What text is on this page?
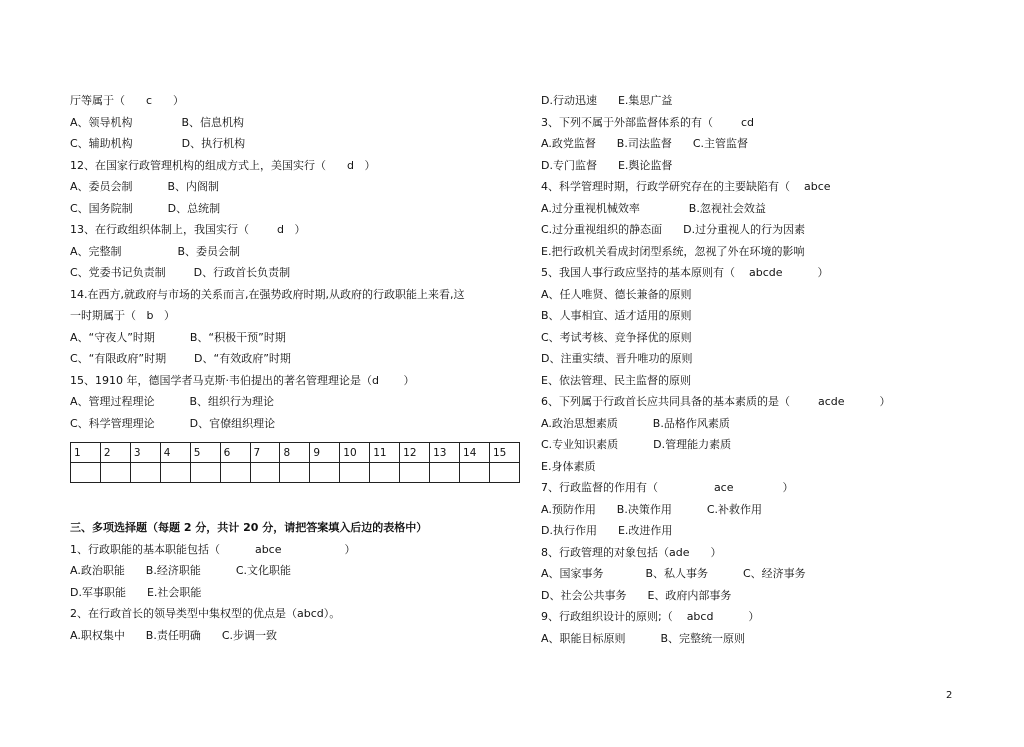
厅等属于（      c      ）
A、领导机构              B、信息机构
C、辅助机构              D、执行机构
12、在国家行政管理机构的组成方式上，美国实行（      d   ）
A、委员会制          B、内阁制
C、国务院制          D、总统制
13、在行政组织体制上，我国实行（        d   ）
A、完整制                B、委员会制
C、党委书记负责制        D、行政首长负责制
14.在西方,就政府与市场的关系而言,在强势政府时期,从政府的行政职能上来看,这
一时期属于（   b   ）
A、“守夜人”时期          B、“积极干预”时期
C、“有限政府”时期        D、“有效政府”时期
15、1910 年，德国学者马克斯·韦伯提出的著名管理理论是（d       ）
A、管理过程理论          B、组织行为理论
C、科学管理理论          D、官僚组织理论
1	2	3	4	5	6	7	8	9	10	11	12	13	14	15

三、多项选择题（每题 2 分，共计 20 分，请把答案填入后边的表格中）
1、行政职能的基本职能包括（          abce                  ）
A.政治职能      B.经济职能          C.文化职能
D.军事职能      E.社会职能
2、在行政首长的领导类型中集权型的优点是（abcd）。
A.职权集中      B.责任明确      C.步调一致
D.行动迅速      E.集思广益
3、下列不属于外部监督体系的有（        cd
A.政党监督      B.司法监督      C.主管监督
D.专门监督      E.舆论监督
4、科学管理时期，行政学研究存在的主要缺陷有（    abce
A.过分重视机械效率              B.忽视社会效益
C.过分重视组织的静态面      D.过分重视人的行为因素
E.把行政机关看成封闭型系统，忽视了外在环境的影响
5、我国人事行政应坚持的基本原则有（    abcde          ）
A、任人唯贤、德长兼备的原则
B、人事相宜、适才适用的原则
C、考试考核、竞争择优的原则
D、注重实绩、晋升唯功的原则
E、依法管理、民主监督的原则
6、下列属于行政首长应共同具备的基本素质的是（        acde          ）
A.政治思想素质          B.品格作风素质
C.专业知识素质          D.管理能力素质
E.身体素质
7、行政监督的作用有（                ace              ）
A.预防作用      B.决策作用          C.补救作用
D.执行作用      E.改进作用
8、行政管理的对象包括（ade      ）
A、国家事务            B、私人事务          C、经济事务
D、社会公共事务      E、政府内部事务
9、行政组织设计的原则;（    abcd          ）
A、职能目标原则          B、完整统一原则
2
